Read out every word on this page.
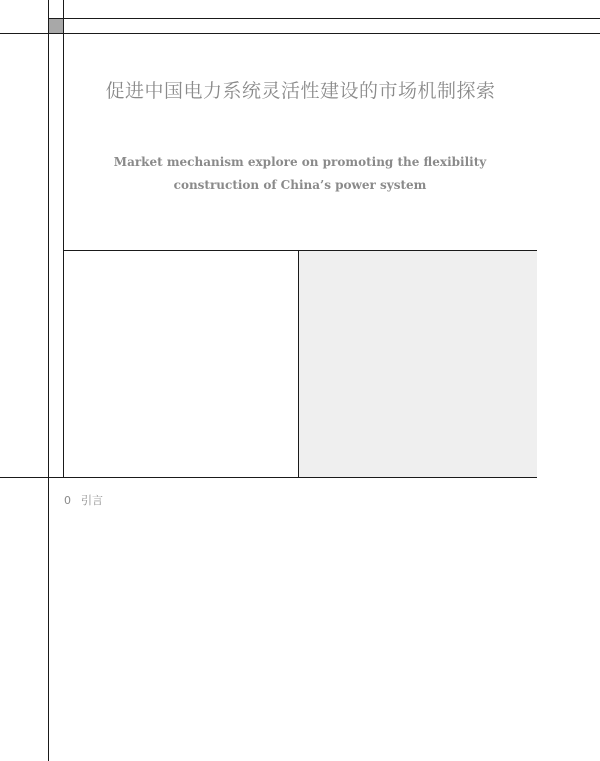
促进中国电力系统灵活性建设的市场机制探索
Market mechanism explore on promoting the flexibility construction of China’s power system
0 引言
